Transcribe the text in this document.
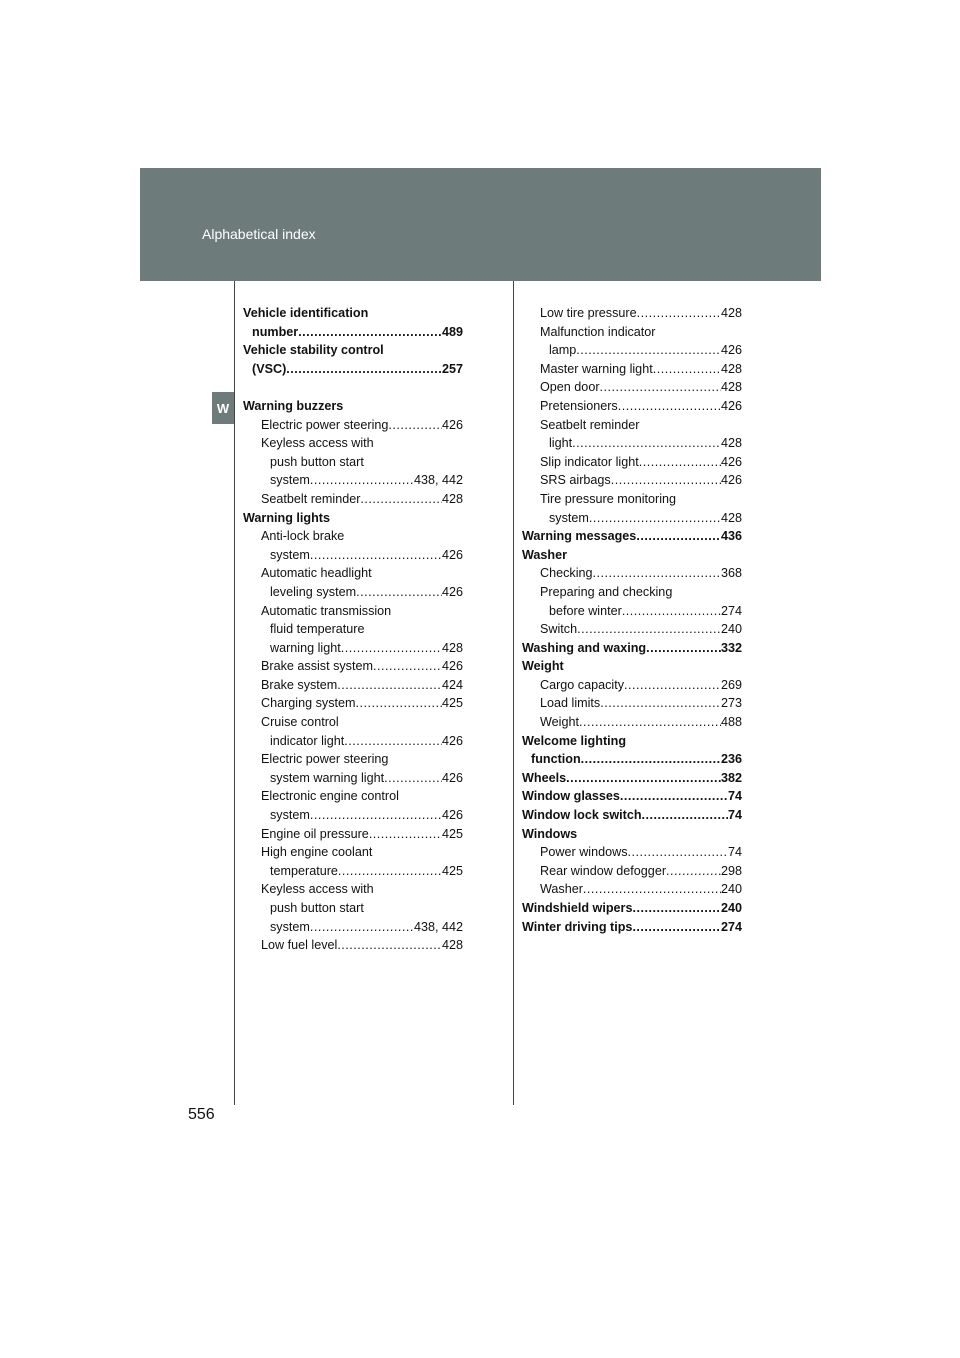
Alphabetical index
W
Vehicle identification
number .....	489
Vehicle stability control
(VSC) .....	257
Warning buzzers
Electric power steering .....	426
Keyless access with
push button start
system .....	438, 442
Seatbelt reminder .....	428
Warning lights
Anti-lock brake
system .....	426
Automatic headlight
leveling system .....	426
Automatic transmission
fluid temperature
warning light .....	428
Brake assist system .....	426
Brake system .....	424
Charging system .....	425
Cruise control
indicator light .....	426
Electric power steering
system warning light .....	426
Electronic engine control
system .....	426
Engine oil pressure .....	425
High engine coolant
temperature .....	425
Keyless access with
push button start
system .....	438, 442
Low fuel level .....	428
Low tire pressure .....	428
Malfunction indicator
lamp .....	426
Master warning light .....	428
Open door .....	428
Pretensioners .....	426
Seatbelt reminder
light .....	428
Slip indicator light .....	426
SRS airbags .....	426
Tire pressure monitoring
system .....	428
Warning messages .....	436
Washer
Checking .....	368
Preparing and checking
before winter .....	274
Switch .....	240
Washing and waxing .....	332
Weight
Cargo capacity .....	269
Load limits .....	273
Weight .....	488
Welcome lighting
function .....	236
Wheels .....	382
Window glasses .....	74
Window lock switch .....	74
Windows
Power windows .....	74
Rear window defogger .....	298
Washer .....	240
Windshield wipers .....	240
Winter driving tips .....	274
556
